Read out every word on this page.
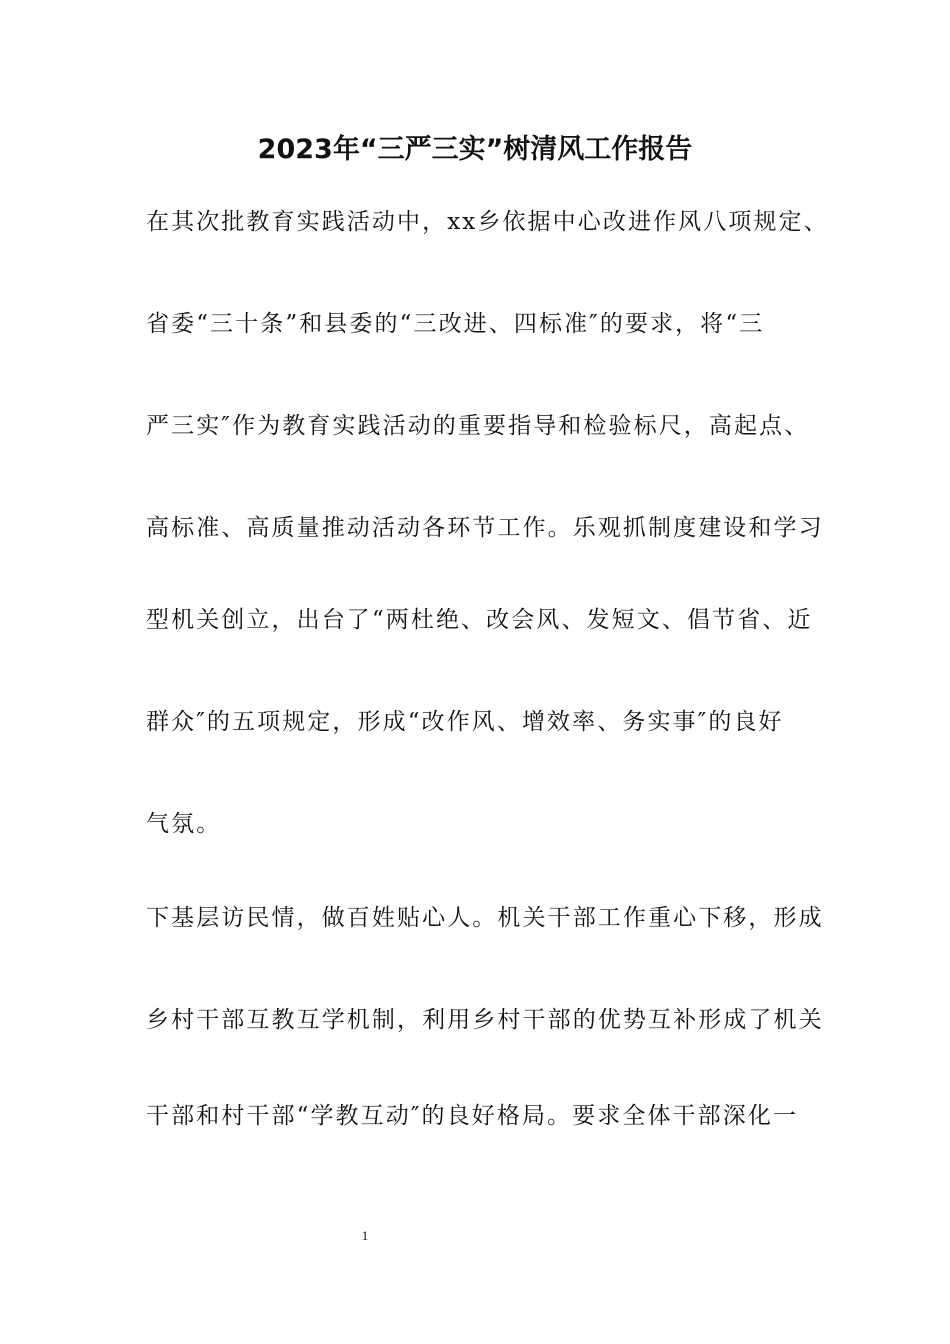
2023年“三严三实”树清风工作报告
在其次批教育实践活动中，xx乡依据中心改进作风八项规定、
省委“三十条”和县委的“三改进、四标准″的要求，将“三
严三实″作为教育实践活动的重要指导和检验标尺，高起点、
高标准、高质量推动活动各环节工作。乐观抓制度建设和学习
型机关创立，出台了“两杜绝、改会风、发短文、倡节省、近
群众″的五项规定，形成“改作风、增效率、务实事″的良好
气氛。
下基层访民情，做百姓贴心人。机关干部工作重心下移，形成
乡村干部互教互学机制，利用乡村干部的优势互补形成了机关
干部和村干部“学教互动″的良好格局。要求全体干部深化一
1
